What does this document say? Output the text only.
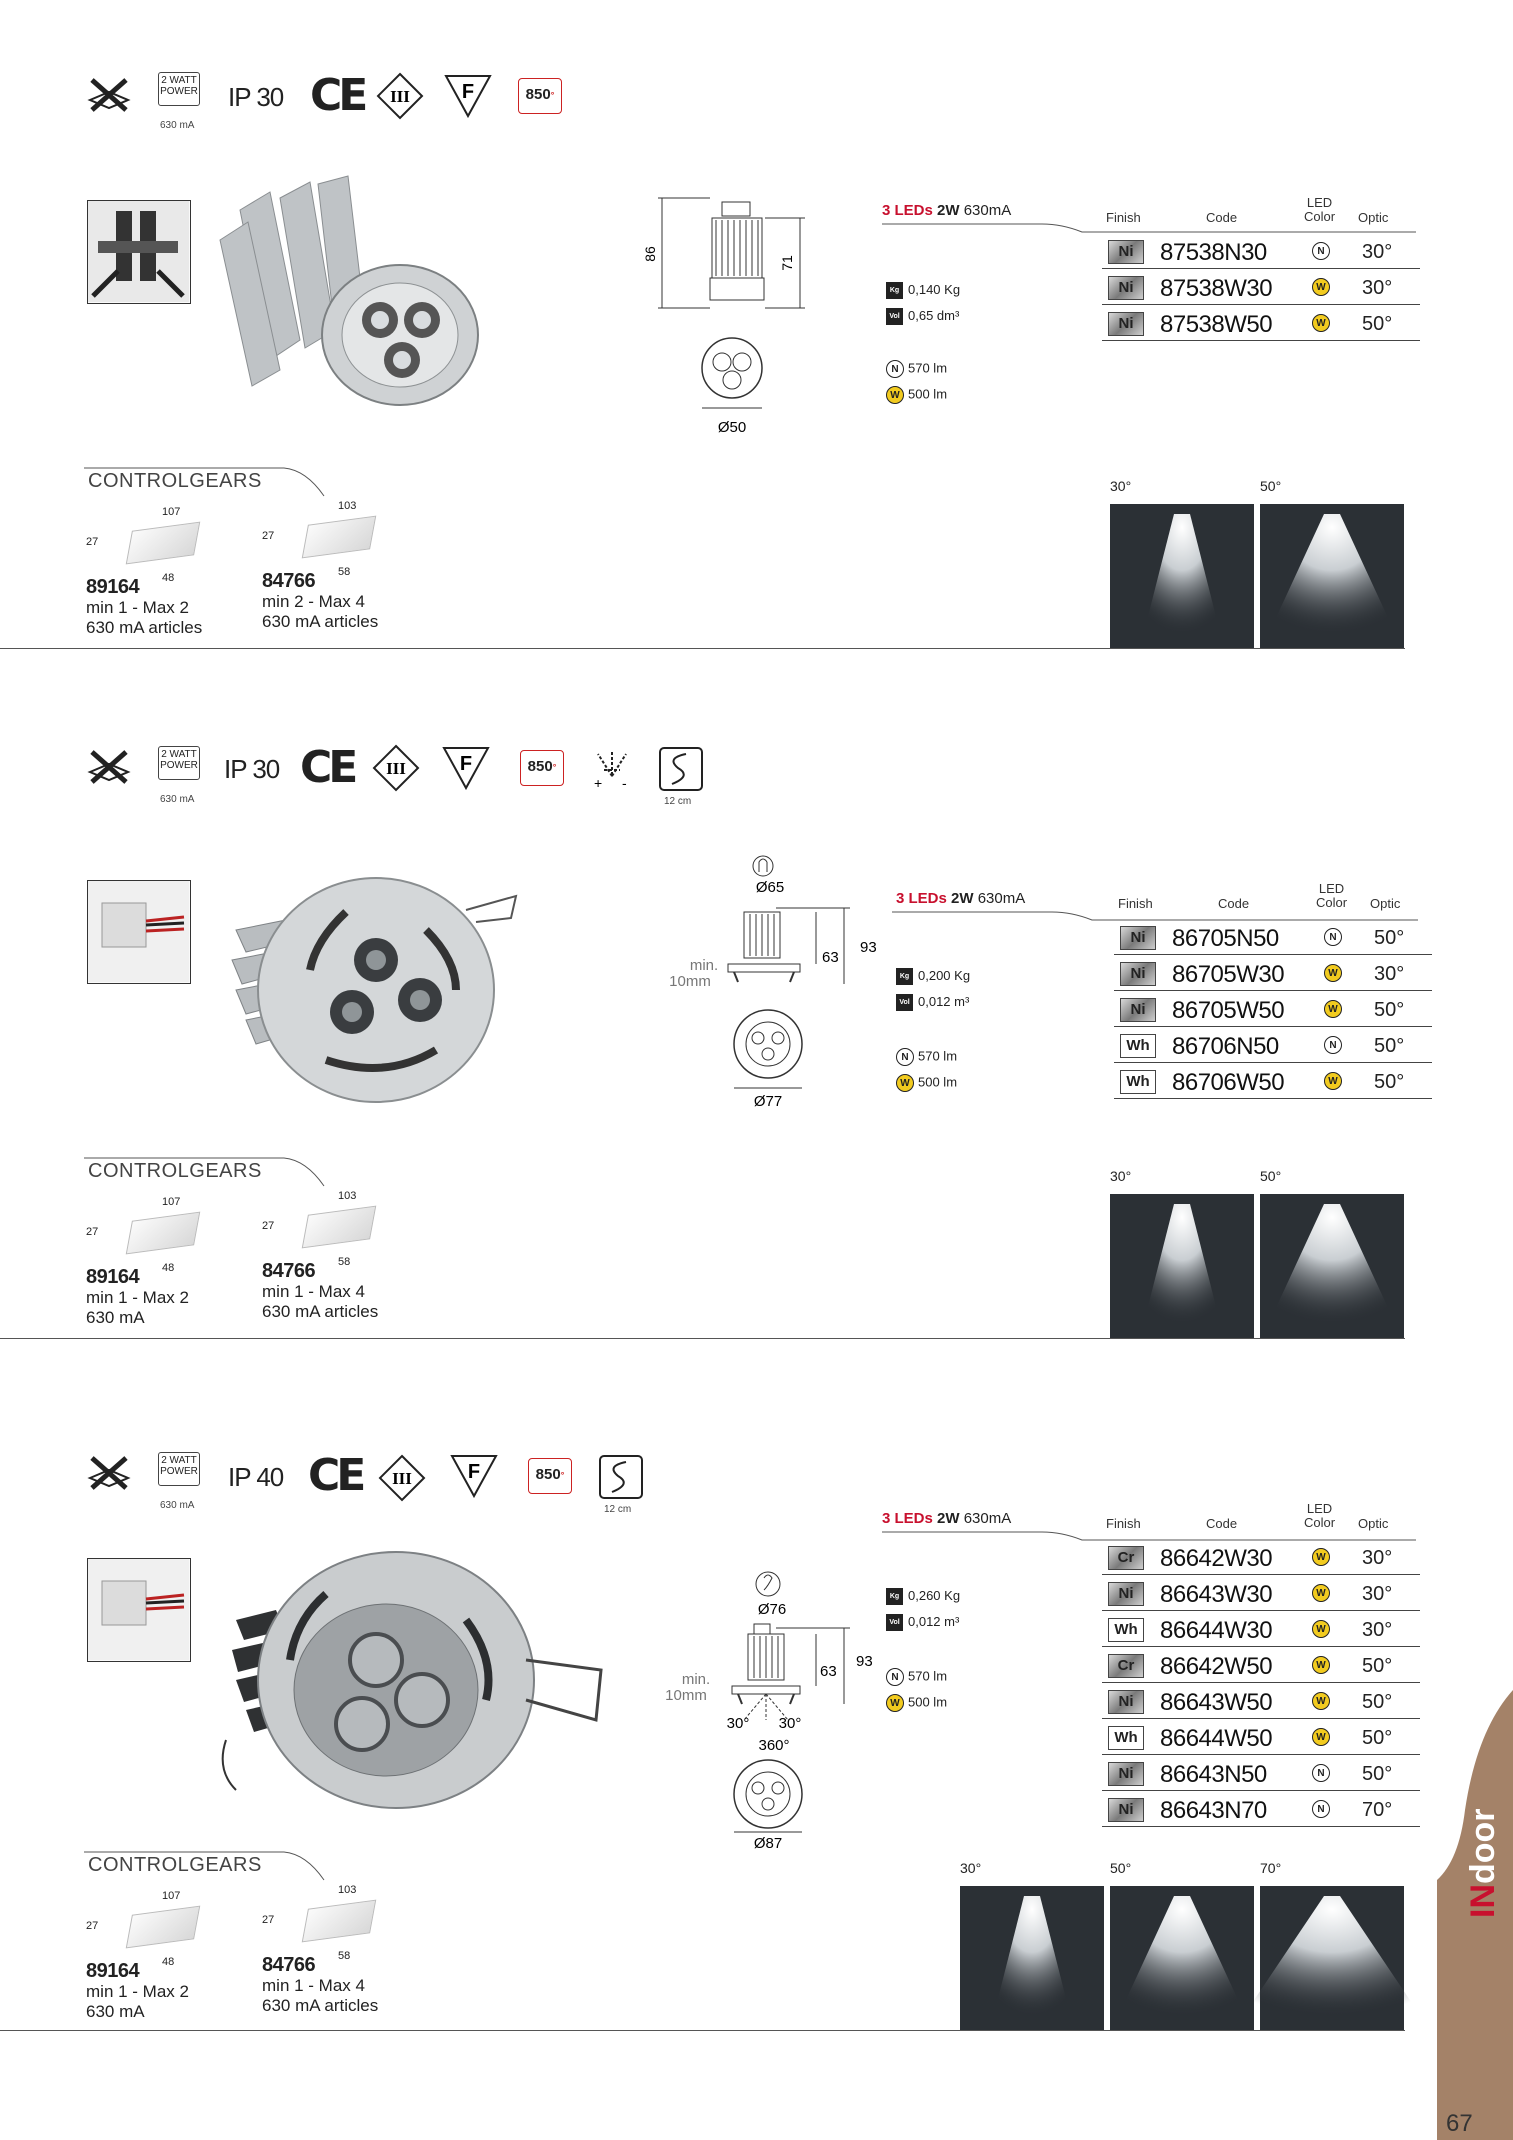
2 WATT
POWER
630 mA
IP 30 CE III	F	850°
86
71
Ø50
3 LEDs 2W 630mA
Kg 0,140 Kg
Vol 0,65 dm³
N 570 lm
W 500 lm
Finish	Code
LED
Color Optic
Ni	87538N30	N 30°
Ni	87538W30	W 30°
Ni	87538W50	W 50°
CONTROLGEARS
107
27
48
89164
min 1 - Max 2
630 mA articles
103
27
58
84766
min 2 - Max 4
630 mA articles
30°	50°
2 WATT
POWER
630 mA
IP 30 CE III	F	850°
+ -
12 cm
Ø65
93
63
min.
10mm
Ø77
3 LEDs 2W 630mA
Kg 0,200 Kg
Vol 0,012 m³
N 570 lm
W 500 lm
Finish	Code
LED
Color Optic
Ni	86705N50	N 50°
Ni	86705W30	W 30°
Ni	86705W50	W 50°
Wh 86706N50	N 50°
Wh 86706W50	W 50°
CONTROLGEARS
107
27
48
89164
min 1 - Max 2
630 mA
103
27
58
84766
min 1 - Max 4
630 mA articles
30°	50°
2 WATT
POWER
630 mA
IP 40 CE III	F	850°
12 cm
Ø76
93
63
min.
10mm
30° 30°
360°
Ø87
3 LEDs 2W 630mA
Kg 0,260 Kg
Vol 0,012 m³
N 570 lm
W 500 lm
Finish	Code
LED
Color Optic
Cr	86642W30	W 30°
Ni	86643W30	W 30°
Wh 86644W30	W 30°
Cr	86642W50	W 50°
Ni	86643W50	W 50°
Wh 86644W50	W 50°
Ni	86643N50	N 50°
Ni	86643N70	N 70°
CONTROLGEARS
107
27
48
89164
min 1 - Max 2
630 mA
103
27
58
84766
min 1 - Max 4
630 mA articles
30°	50°	70°
INdoor
67
